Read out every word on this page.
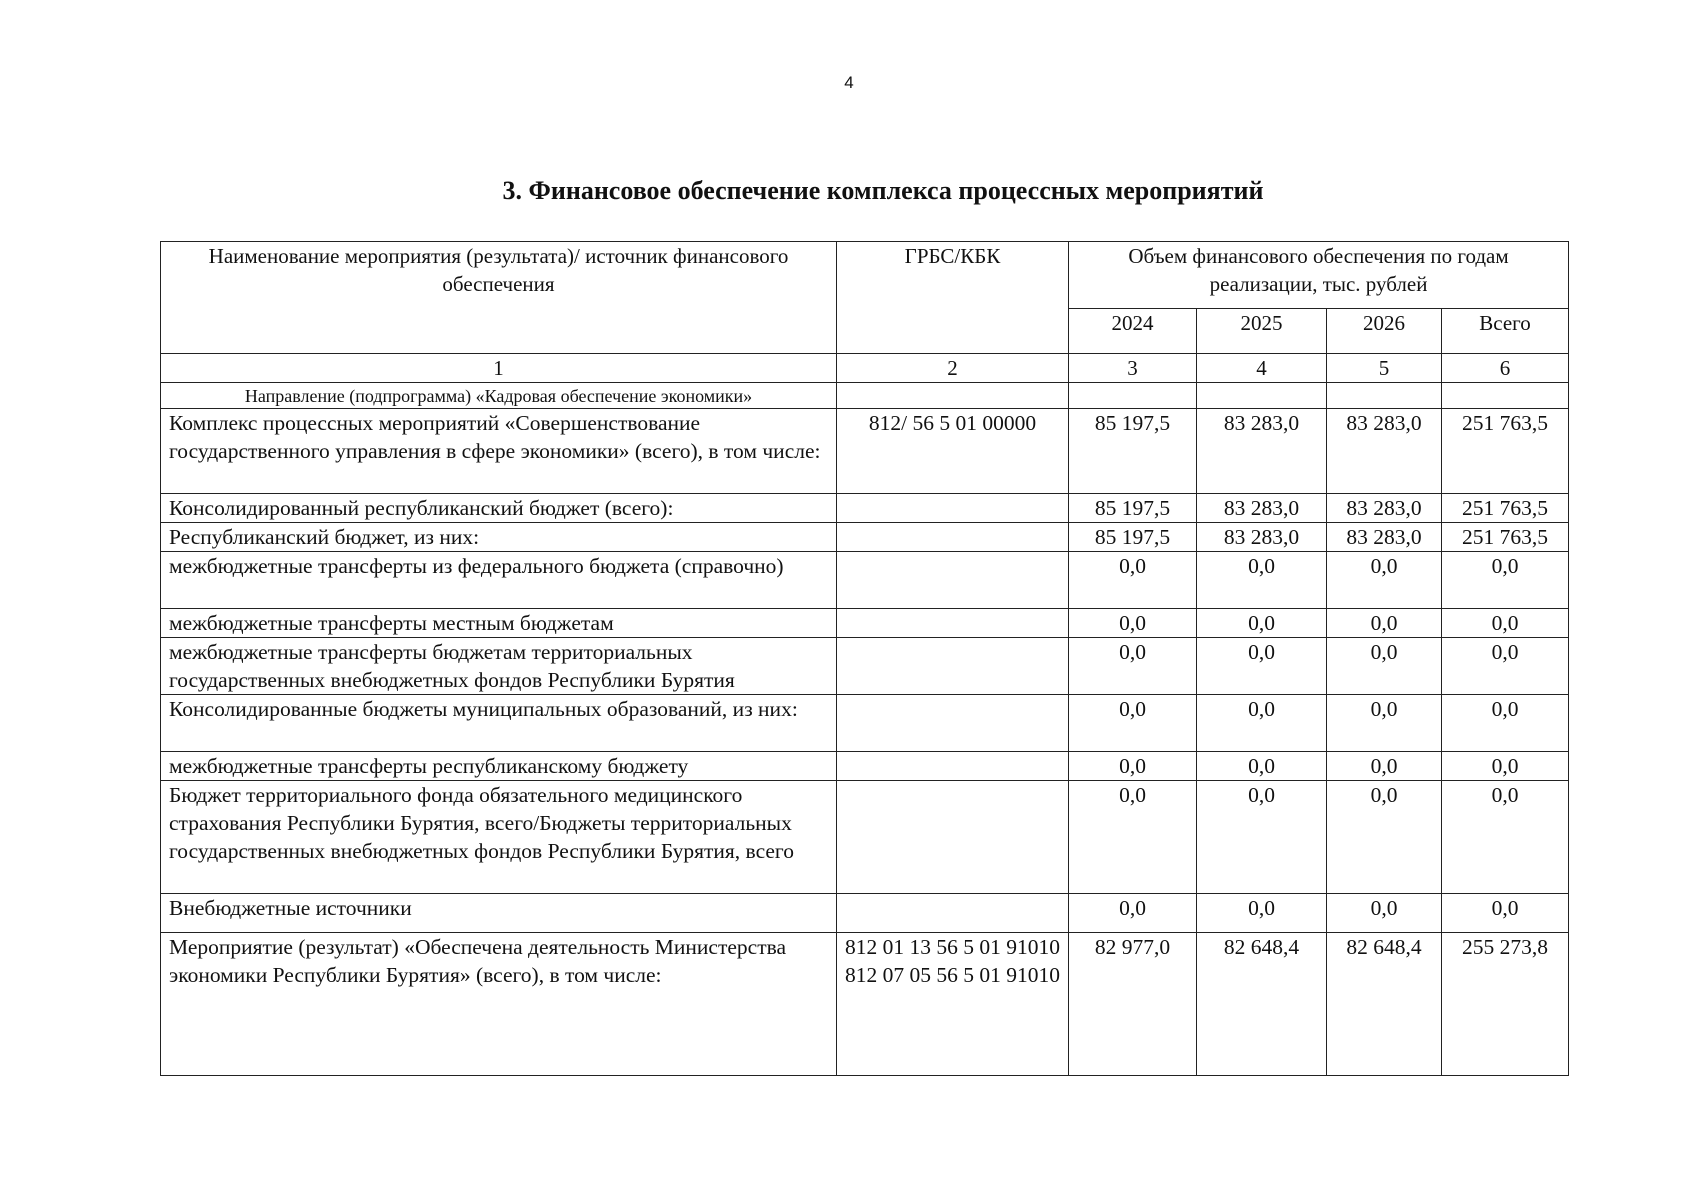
4
3. Финансовое обеспечение комплекса процессных мероприятий
Наименование мероприятия (результата)/ источник финансового обеспечения	ГРБС/КБК	Объем финансового обеспечения по годам реализации, тыс. рублей			
		2024	2025	2026	Всего
1	2	3	4	5	6
Направление (подпрограмма) «Кадровая обеспечение экономики»					
Комплекс процессных мероприятий «Совершенствование государственного управления в сфере экономики» (всего), в том числе:	812/ 56 5 01 00000	85 197,5	83 283,0	83 283,0	251 763,5
Консолидированный республиканский бюджет (всего):		85 197,5	83 283,0	83 283,0	251 763,5
Республиканский бюджет, из них:		85 197,5	83 283,0	83 283,0	251 763,5
межбюджетные трансферты из федерального бюджета (справочно)		0,0	0,0	0,0	0,0
межбюджетные трансферты местным бюджетам		0,0	0,0	0,0	0,0
межбюджетные трансферты бюджетам территориальных государственных внебюджетных фондов Республики Бурятия		0,0	0,0	0,0	0,0
Консолидированные бюджеты муниципальных образований, из них:		0,0	0,0	0,0	0,0
межбюджетные трансферты республиканскому бюджету		0,0	0,0	0,0	0,0
Бюджет территориального фонда обязательного медицинского страхования Республики Бурятия, всего/Бюджеты территориальных государственных внебюджетных фондов Республики Бурятия, всего		0,0	0,0	0,0	0,0
Внебюджетные источники		0,0	0,0	0,0	0,0
Мероприятие (результат) «Обеспечена деятельность Министерства экономики Республики Бурятия» (всего), в том числе:	812 01 13 56 5 01 91010 812 07 05 56 5 01 91010	82 977,0	82 648,4	82 648,4	255 273,8
